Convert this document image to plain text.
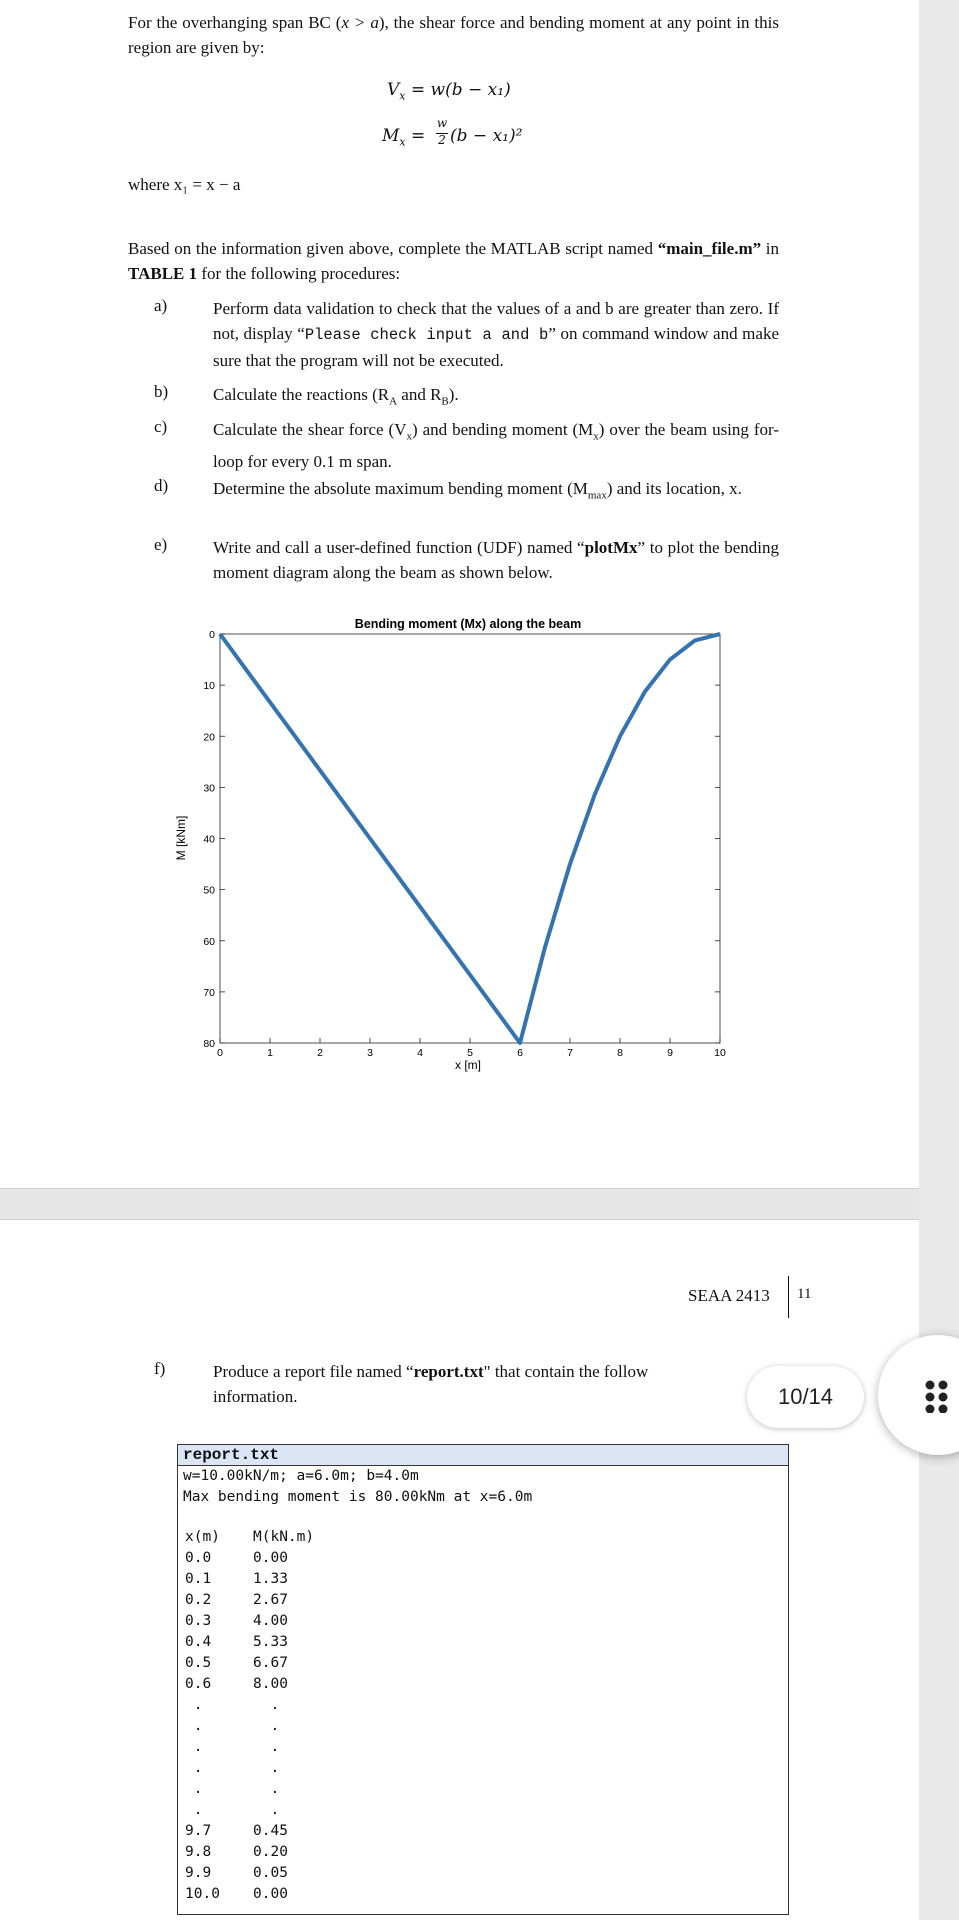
For the overhanging span BC (x > a), the shear force and bending moment at any point in this region are given by:
$V_x = w(b - x_1)$
$M_x$ =
w
2 (b − x₁)²
where x₁ = x − a
Based on the information given above, complete the MATLAB script named “main_file.m” in TABLE 1 for the following procedures:
a)	Perform data validation to check that the values of a and b are greater than zero. If not, display “Please check input a and b” on command window and make sure that the program will not be executed.
b)	Calculate the reactions ($R_A$ and $R_B$).
c)	Calculate the shear force $(V_x)$ and bending moment $(M_x)$ over the beam using for-loop for every 0.1 m span.
d)	Determine the absolute maximum bending moment $(M_{max})$ and its location, x.
e)	Write and call a user-defined function (UDF) named “plotMx” to plot the bending moment diagram along the beam as shown below.
Bending moment (Mx) along the beam
0	1	2	3	4	5	6	7	8	9	10
0
10
20
30
40
50
60
70
80
x [m]
M [kNm]
SEAA 2413 11
f)	Produce a report file named “report.txt" that contain the follow
information.
report.txt
w=10.00kN/m; a=6.0m; b=4.0m
Max bending moment is 80.00kNm at x=6.0m
x(m) M(kN.m)
0.0	0.00
0.1	1.33
0.2	2.67
0.3	4.00
0.4	5.33
0.5	6.67
0.6	8.00
.	.
.	.
.	.
.	.
.	.
.	.
9.7	0.45
9.8	0.20
9.9	0.05
10.0 0.00
10/14
